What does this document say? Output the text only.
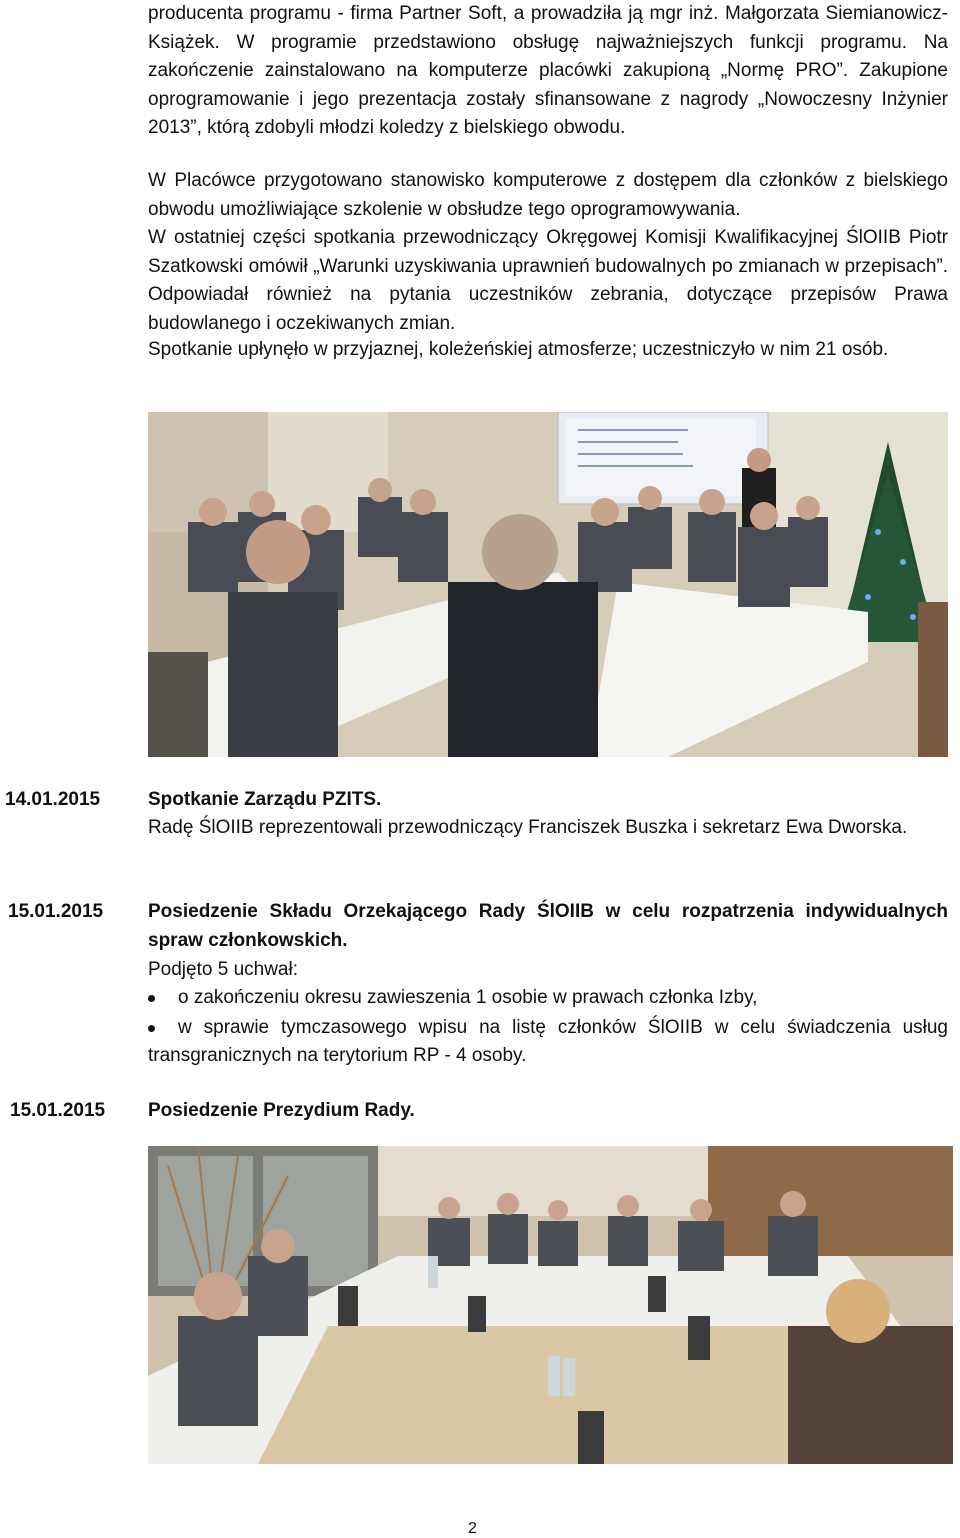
producenta programu - firma Partner Soft, a prowadziła ją mgr inż. Małgorzata Siemianowicz-Książek. W programie przedstawiono obsługę najważniejszych funkcji programu. Na zakończenie zainstalowano na komputerze placówki zakupioną „Normę PRO”. Zakupione oprogramowanie i jego prezentacja zostały sfinansowane z nagrody „Nowoczesny Inżynier 2013”, którą zdobyli młodzi koledzy z bielskiego obwodu.

W Placówce przygotowano stanowisko komputerowe z dostępem dla członków z bielskiego obwodu umożliwiające szkolenie w obsłudze tego oprogramowywania.

W ostatniej części spotkania przewodniczący Okręgowej Komisji Kwalifikacyjnej ŚlOIIB Piotr Szatkowski omówił „Warunki uzyskiwania uprawnień budowalnych po zmianach w przepisach”. Odpowiadał również na pytania uczestników zebrania, dotyczące przepisów Prawa budowlanego i oczekiwanych zmian.

Spotkanie upłynęło w przyjaznej, koleżeńskiej atmosferze; uczestniczyło w nim 21 osób.

14.01.2015	Spotkanie Zarządu PZITS.

Radę ŚlOIIB reprezentowali przewodniczący Franciszek Buszka i sekretarz Ewa Dworska.

15.01.2015 Posiedzenie Składu Orzekającego Rady ŚlOIIB w celu rozpatrzenia indywidualnych spraw członkowskich.

Podjęto 5 uchwał:

o zakończeniu okresu zawieszenia 1 osobie w prawach członka Izby,
w sprawie tymczasowego wpisu na listę członków ŚlOIIB w celu świadczenia usług transgranicznych na terytorium RP - 4 osoby.
15.01.2015 Posiedzenie Prezydium Rady.

2
